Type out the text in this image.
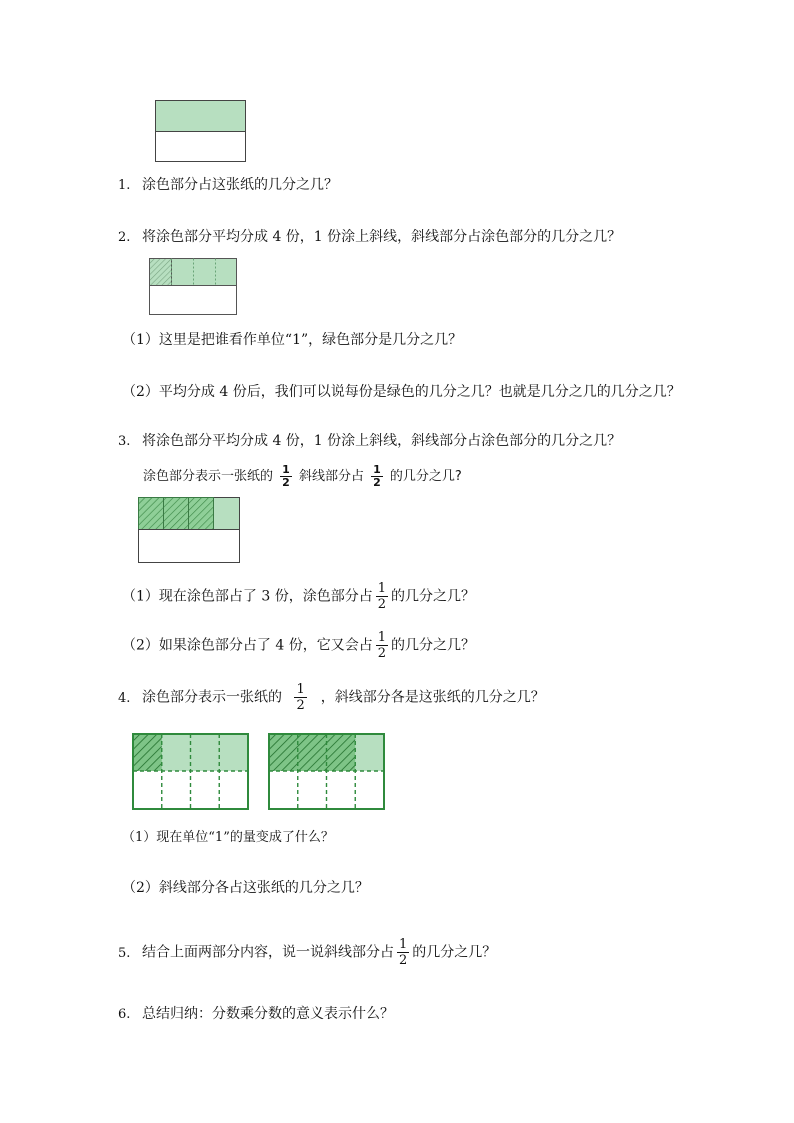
1. 涂色部分占这张纸的几分之几？
2. 将涂色部分平均分成 4 份，1 份涂上斜线，斜线部分占涂色部分的几分之几？
（1）这里是把谁看作单位“1”，绿色部分是几分之几？
（2）平均分成 4 份后，我们可以说每份是绿色的几分之几？也就是几分之几的几分之几？
3. 将涂色部分平均分成 4 份，1 份涂上斜线，斜线部分占涂色部分的几分之几？
涂色部分表示一张纸的 $\frac{1}{2}$ 斜线部分占 $\frac{1}{2}$ 的几分之几?
（1）现在涂色部占了 3 份，涂色部分占 $\frac{1}{2}$ 的几分之几？
（2）如果涂色部分占了 4 份，它又会占 $\frac{1}{2}$ 的几分之几？
4. 涂色部分表示一张纸的 $\frac{1}{2}$ ，斜线部分各是这张纸的几分之几？
（1）现在单位“1”的量变成了什么？
（2）斜线部分各占这张纸的几分之几？
5. 结合上面两部分内容，说一说斜线部分占 $\frac{1}{2}$ 的几分之几？
6. 总结归纳：分数乘分数的意义表示什么？
